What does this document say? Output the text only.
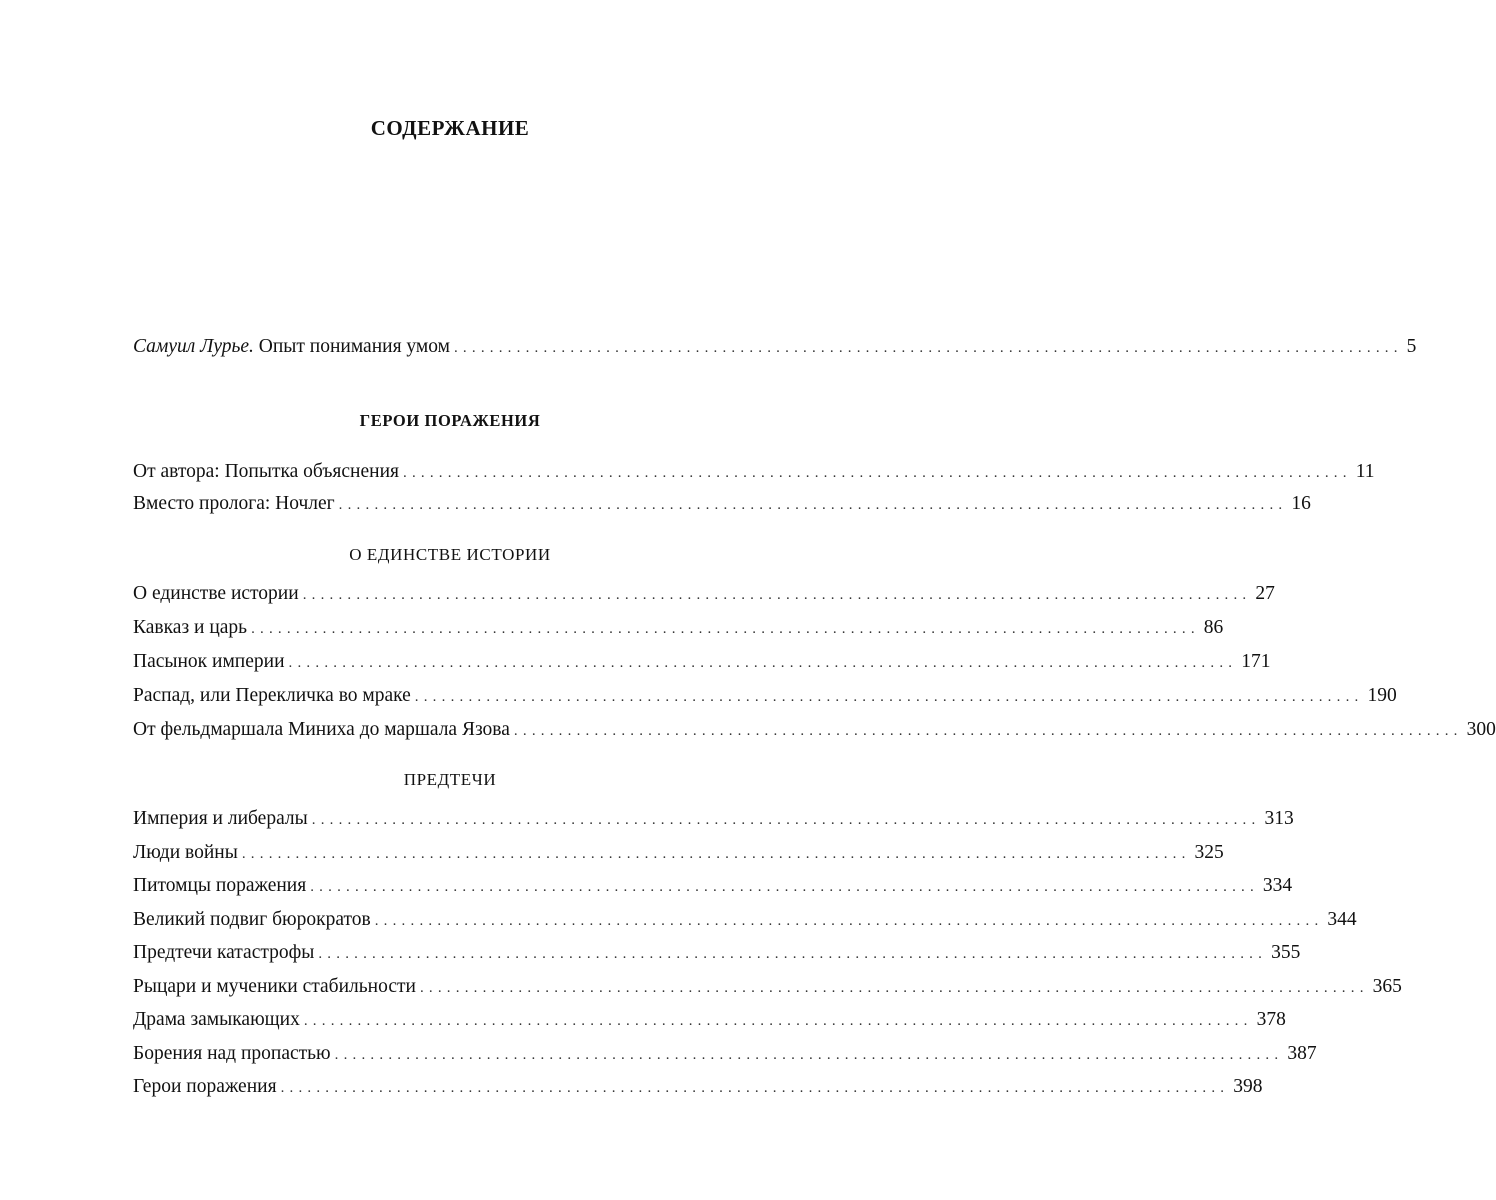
СОДЕРЖАНИЕ
Самуил Лурье. Опыт понимания умом .......................................................................................................... 5
ГЕРОИ ПОРАЖЕНИЯ
От автора: Попытка объяснения .......................................................................................................... 11
Вместо пролога: Ночлег .......................................................................................................... 16
О ЕДИНСТВЕ ИСТОРИИ
О единстве истории .......................................................................................................... 27
Кавказ и царь .......................................................................................................... 86
Пасынок империи .......................................................................................................... 171
Распад, или Перекличка во мраке .......................................................................................................... 190
От фельдмаршала Миниха до маршала Язова .......................................................................................................... 300
ПРЕДТЕЧИ
Империя и либералы .......................................................................................................... 313
Люди войны .......................................................................................................... 325
Питомцы поражения .......................................................................................................... 334
Великий подвиг бюрократов .......................................................................................................... 344
Предтечи катастрофы .......................................................................................................... 355
Рыцари и мученики стабильности .......................................................................................................... 365
Драма замыкающих .......................................................................................................... 378
Борения над пропастью .......................................................................................................... 387
Герои поражения .......................................................................................................... 398
